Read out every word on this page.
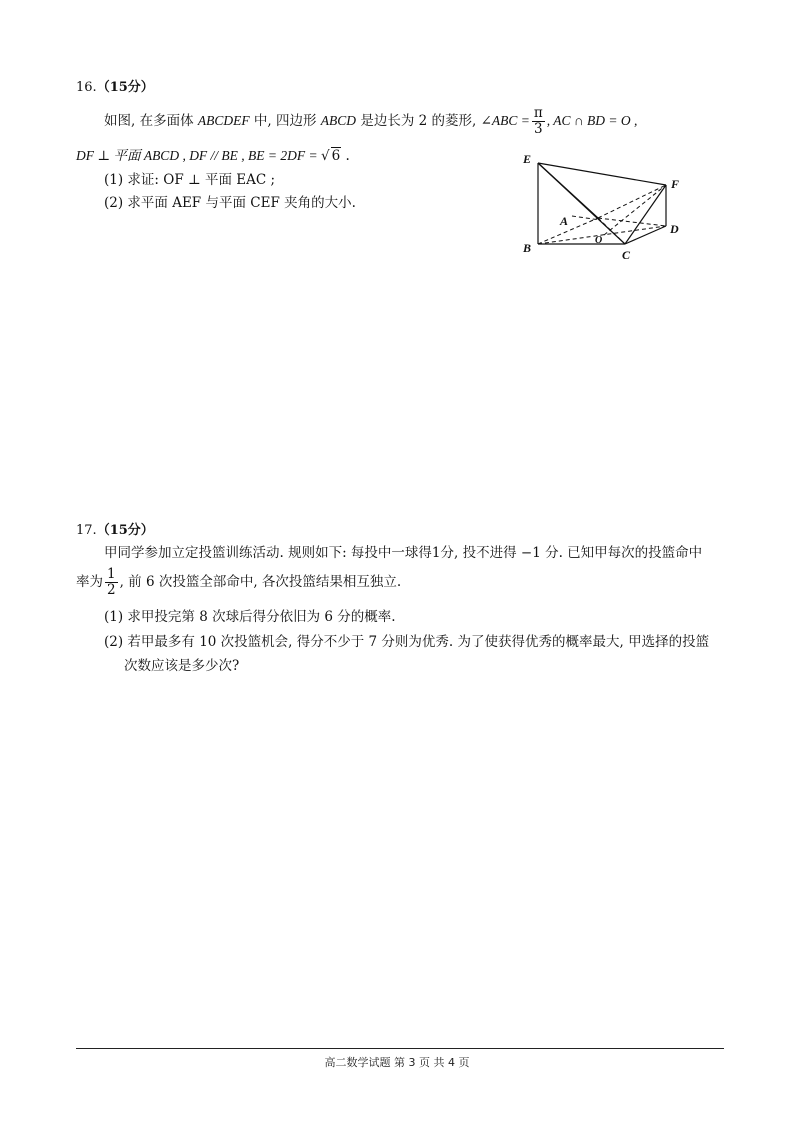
16.（15分）
如图, 在多面体 ABCDEF 中, 四边形 ABCD 是边长为 2 的菱形, ∠ABC = $\frac{\pi}{3}$ , AC ∩ BD = O ,
DF ⊥ 平面 ABCD , DF // BE , BE = 2DF = √ 6 .
(1) 求证: OF ⊥ 平面 EAC ;
(2) 求平面 AEF 与平面 CEF 夹角的大小.
E
F
A
O
D
B	C
17.（15分）
甲同学参加立定投篮训练活动. 规则如下: 每投中一球得1分, 投不进得 −1 分. 已知甲每次的投篮命中
率为 $\frac{1}{2}$ , 前 6 次投篮全部命中, 各次投篮结果相互独立.
(1) 求甲投完第 8 次球后得分依旧为 6 分的概率.
(2) 若甲最多有 10 次投篮机会, 得分不少于 7 分则为优秀. 为了使获得优秀的概率最大, 甲选择的投篮
次数应该是多少次?
高二数学试题 第 3 页 共 4 页
